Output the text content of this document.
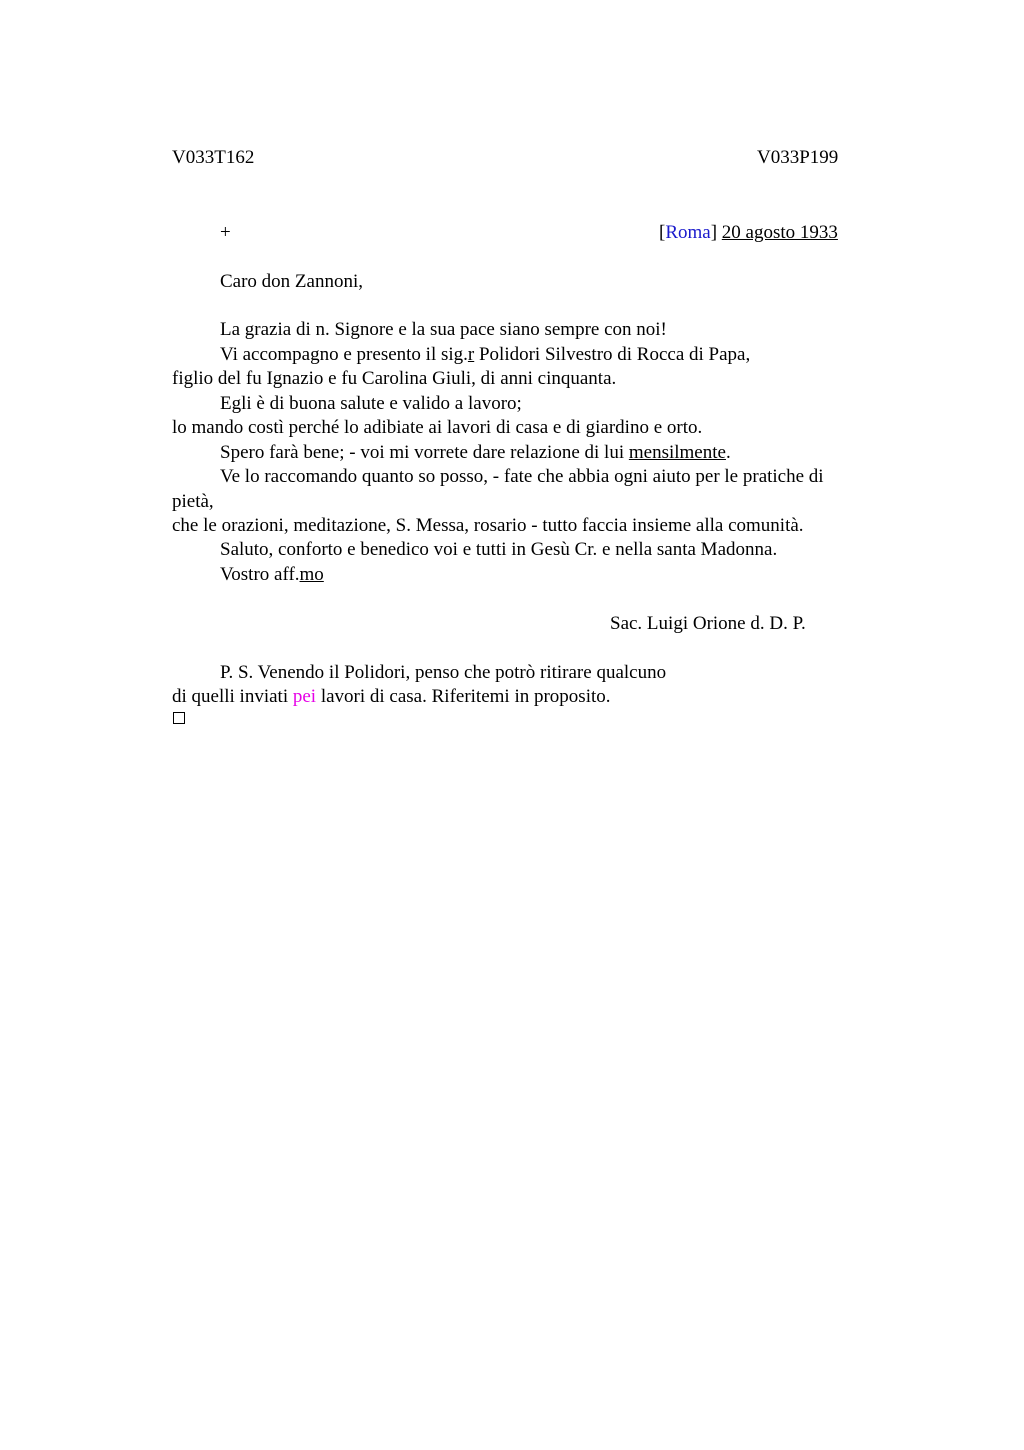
V033T162	V033P199
+	[Roma] 20 agosto 1933
Caro don Zannoni,
La grazia di n. Signore e la sua pace siano sempre con noi!
Vi accompagno e presento il sig.r Polidori Silvestro di Rocca di Papa,
figlio del fu Ignazio e fu Carolina Giuli, di anni cinquanta.
Egli è di buona salute e valido a lavoro;
lo mando costì perché lo adibiate ai lavori di casa e di giardino e orto.
Spero farà bene; - voi mi vorrete dare relazione di lui mensilmente.
Ve lo raccomando quanto so posso, - fate che abbia ogni aiuto per le pratiche di
pietà,
che le orazioni, meditazione, S. Messa, rosario - tutto faccia insieme alla comunità.
Saluto, conforto e benedico voi e tutti in Gesù Cr. e nella santa Madonna.
Vostro aff.mo
Sac. Luigi Orione d. D. P.
P. S. Venendo il Polidori, penso che potrò ritirare qualcuno
di quelli inviati pei lavori di casa. Riferitemi in proposito.
